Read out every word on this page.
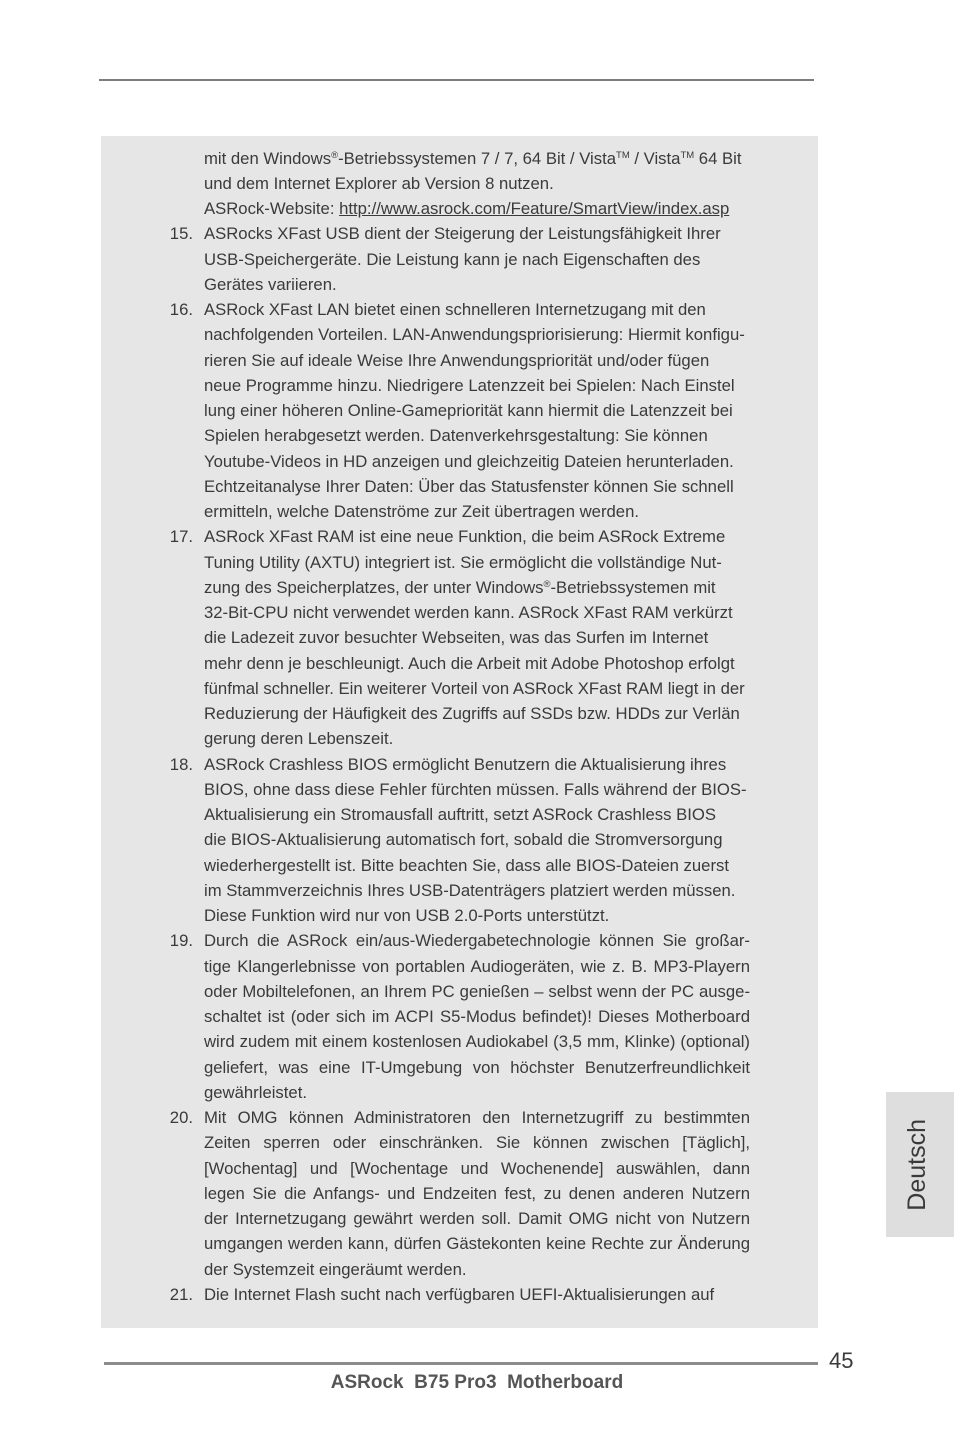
mit den Windows®-Betriebssystemen 7 / 7, 64 Bit / Vista™ / Vista™ 64 Bit
und dem Internet Explorer ab Version 8 nutzen.
ASRock-Website: http://www.asrock.com/Feature/SmartView/index.asp
15. ASRocks XFast USB dient der Steigerung der Leistungsfähigkeit Ihrer
USB-Speichergeräte. Die Leistung kann je nach Eigenschaften des
Gerätes variieren.
16. ASRock XFast LAN bietet einen schnelleren Internetzugang mit den
nachfolgenden Vorteilen. LAN-Anwendungspriorisierung: Hiermit konfigu-
rieren Sie auf ideale Weise Ihre Anwendungspriorität und/oder fügen
neue Programme hinzu. Niedrigere Latenzzeit bei Spielen: Nach Einstel
lung einer höheren Online-Gamepriorität kann hiermit die Latenzzeit bei
Spielen herabgesetzt werden. Datenverkehrsgestaltung: Sie können
Youtube-Videos in HD anzeigen und gleichzeitig Dateien herunterladen.
Echtzeitanalyse Ihrer Daten: Über das Statusfenster können Sie schnell
ermitteln, welche Datenströme zur Zeit übertragen werden.
17. ASRock XFast RAM ist eine neue Funktion, die beim ASRock Extreme
Tuning Utility (AXTU) integriert ist. Sie ermöglicht die vollständige Nut-
zung des Speicherplatzes, der unter Windows®-Betriebssystemen mit
32-Bit-CPU nicht verwendet werden kann. ASRock XFast RAM verkürzt
die Ladezeit zuvor besuchter Webseiten, was das Surfen im Internet
mehr denn je beschleunigt. Auch die Arbeit mit Adobe Photoshop erfolgt
fünfmal schneller. Ein weiterer Vorteil von ASRock XFast RAM liegt in der
Reduzierung der Häufigkeit des Zugriffs auf SSDs bzw. HDDs zur Verlän
gerung deren Lebenszeit.
18. ASRock Crashless BIOS ermöglicht Benutzern die Aktualisierung ihres
BIOS, ohne dass diese Fehler fürchten müssen. Falls während der BIOS-
Aktualisierung ein Stromausfall auftritt, setzt ASRock Crashless BIOS
die BIOS-Aktualisierung automatisch fort, sobald die Stromversorgung
wiederhergestellt ist. Bitte beachten Sie, dass alle BIOS-Dateien zuerst
im Stammverzeichnis Ihres USB-Datenträgers platziert werden müssen.
Diese Funktion wird nur von USB 2.0-Ports unterstützt.
19. Durch die ASRock ein/aus-Wiedergabetechnologie können Sie großar-
tige Klangerlebnisse von portablen Audiogeräten, wie z. B. MP3-Playern
oder Mobiltelefonen, an Ihrem PC genießen – selbst wenn der PC ausge-
schaltet ist (oder sich im ACPI S5-Modus befindet)! Dieses Motherboard
wird zudem mit einem kostenlosen Audiokabel (3,5 mm, Klinke) (optional)
geliefert, was eine IT-Umgebung von höchster Benutzerfreundlichkeit
gewährleistet.
20. Mit OMG können Administratoren den Internetzugriff zu bestimmten
Zeiten sperren oder einschränken. Sie können zwischen [Täglich],
[Wochentag] und [Wochentage und Wochenende] auswählen, dann
legen Sie die Anfangs- und Endzeiten fest, zu denen anderen Nutzern
der Internetzugang gewährt werden soll. Damit OMG nicht von Nutzern
umgangen werden kann, dürfen Gästekonten keine Rechte zur Änderung
der Systemzeit eingeräumt werden.
21. Die Internet Flash sucht nach verfügbaren UEFI-Aktualisierungen auf
Deutsch
45
ASRock  B75 Pro3  Motherboard
